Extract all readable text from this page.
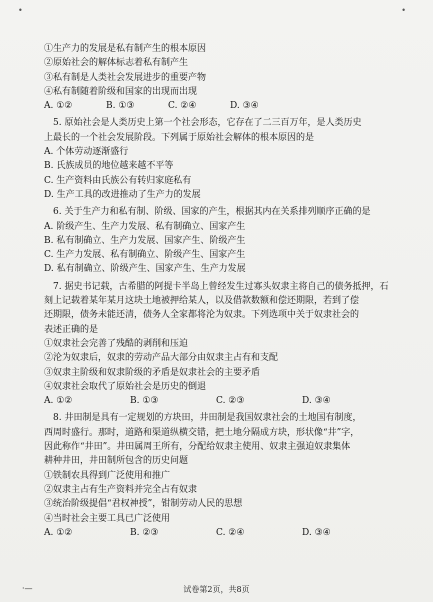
•	•
①生产力的发展是私有制产生的根本原因
②原始社会的解体标志着私有制产生
③私有制是人类社会发展进步的重要产物
④私有制随着阶级和国家的出现而出现
A. ①②	B. ①③	C. ②④	D. ③④
5. 原始社会是人类历史上第一个社会形态，它存在了二三百万年，是人类历史
上最长的一个社会发展阶段。下列属于原始社会解体的根本原因的是
A. 个体劳动逐渐盛行
B. 氏族成员的地位越来越不平等
C. 生产资料由氏族公有转归家庭私有
D. 生产工具的改进推动了生产力的发展
6. 关于生产力和私有制、阶级、国家的产生，根据其内在关系排列顺序正确的是
A. 阶级产生、生产力发展、私有制确立、国家产生
B. 私有制确立、生产力发展、国家产生、阶级产生
C. 生产力发展、私有制确立、阶级产生、国家产生
D. 私有制确立、阶级产生、国家产生、生产力发展
7. 据史书记载，古希腊的阿提卡半岛上曾经发生过寡头奴隶主将自己的债务抵押，石
刻上记载着某年某月这块土地被押给某人，以及借款数额和偿还期限，若到了偿
还期限，债务未能还清，债务人全家都将沦为奴隶。下列选项中关于奴隶社会的
表述正确的是
①奴隶社会完善了残酷的剥削和压迫
②沦为奴隶后，奴隶的劳动产品大部分由奴隶主占有和支配
③奴隶主阶级和奴隶阶级的矛盾是奴隶社会的主要矛盾
④奴隶社会取代了原始社会是历史的倒退
A. ①②	B. ①③	C. ②③	D. ③④
8. 井田制是具有一定规划的方块田，井田制是我国奴隶社会的土地国有制度，
西周时盛行。那时，道路和渠道纵横交错，把土地分隔成方块，形状像“井”字，
因此称作“井田”。井田属周王所有，分配给奴隶主使用、奴隶主强迫奴隶集体
耕种井田，井田制所包含的历史问题
①铁制农具得到广泛使用和推广
②奴隶主占有生产资料并完全占有奴隶
③统治阶级提倡“君权神授”，钳制劳动人民的思想
④当时社会主要工具已广泛使用
A. ①②	B. ②③	C. ②④	D. ③④
·—	试卷第2页，共8页
